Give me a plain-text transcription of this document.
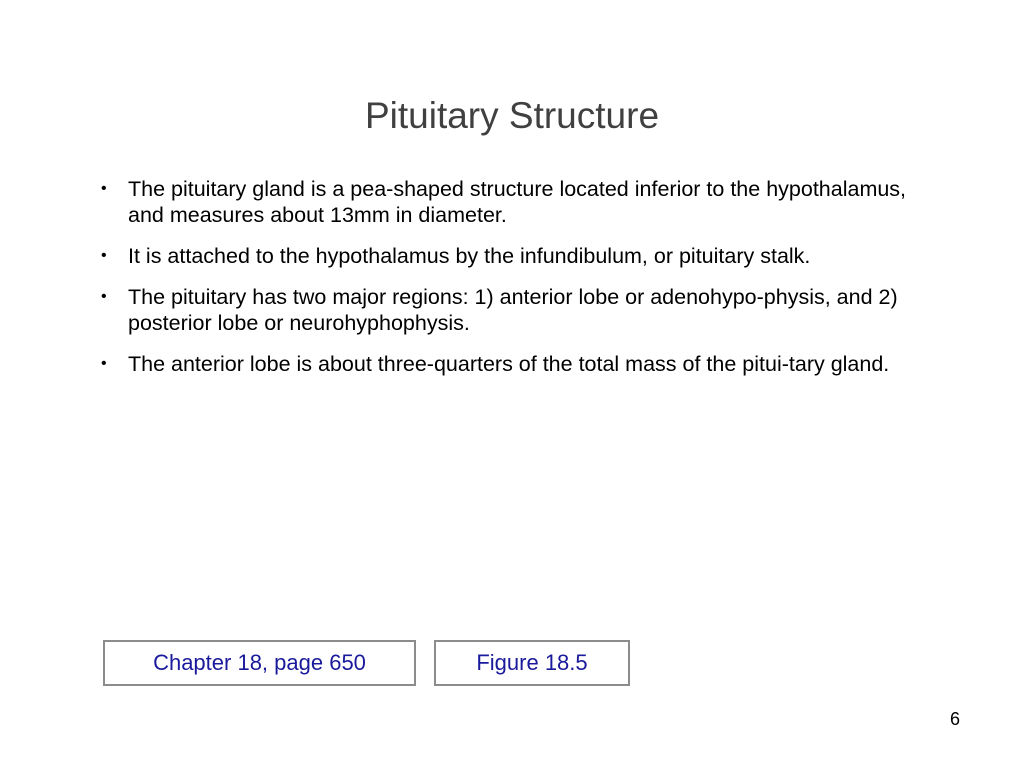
Pituitary Structure
• The pituitary gland is a pea-shaped structure located inferior to the hypothalamus, and measures about 13mm in diameter.
• It is attached to the hypothalamus by the infundibulum, or pituitary stalk.
• The pituitary has two major regions: 1) anterior lobe or adenohypo-physis, and 2) posterior lobe or neurohyphophysis.
• The anterior lobe is about three-quarters of the total mass of the pitui-tary gland.
Chapter 18, page 650	Figure 18.5
6
